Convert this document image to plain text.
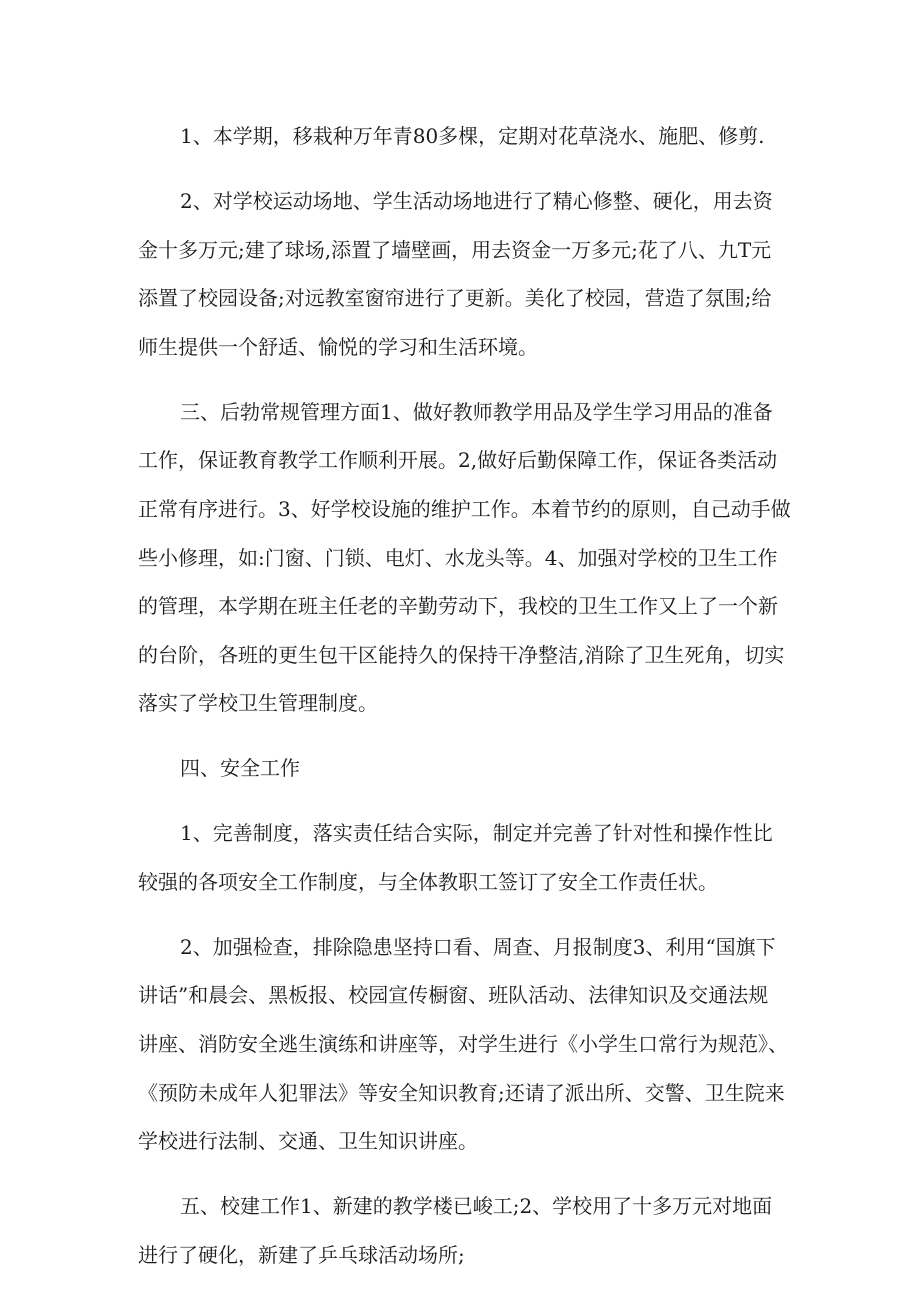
1、本学期，移栽种万年青80多棵，定期对花草浇水、施肥、修剪.

2、对学校运动场地、学生活动场地进行了精心修整、硬化，用去资
金十多万元;建了球场,添置了墙壁画，用去资金一万多元;花了八、九T元
添置了校园设备;对远教室窗帘进行了更新。美化了校园，营造了氛围;给
师生提供一个舒适、愉悦的学习和生活环境。

三、后勃常规管理方面1、做好教师教学用品及学生学习用品的准备
工作，保证教育教学工作顺利开展。2,做好后勤保障工作，保证各类活动
正常有序进行。3、好学校设施的维护工作。本着节约的原则，自己动手做
些小修理，如:门窗、门锁、电灯、水龙头等。4、加强对学校的卫生工作
的管理，本学期在班主任老的辛勤劳动下，我校的卫生工作又上了一个新
的台阶，各班的更生包干区能持久的保持干净整洁,消除了卫生死角，切实
落实了学校卫生管理制度。

四、安全工作

1、完善制度，落实责任结合实际，制定并完善了针对性和操作性比
较强的各项安全工作制度，与全体教职工签订了安全工作责任状。

2、加强检查，排除隐患坚持口看、周查、月报制度3、利用“国旗下
讲话”和晨会、黑板报、校园宣传橱窗、班队活动、法律知识及交通法规
讲座、消防安全逃生演练和讲座等，对学生进行《小学生口常行为规范》、
《预防未成年人犯罪法》等安全知识教育;还请了派出所、交警、卫生院来
学校进行法制、交通、卫生知识讲座。

五、校建工作1、新建的教学楼已峻工;2、学校用了十多万元对地面
进行了硬化，新建了乒乓球活动场所;
